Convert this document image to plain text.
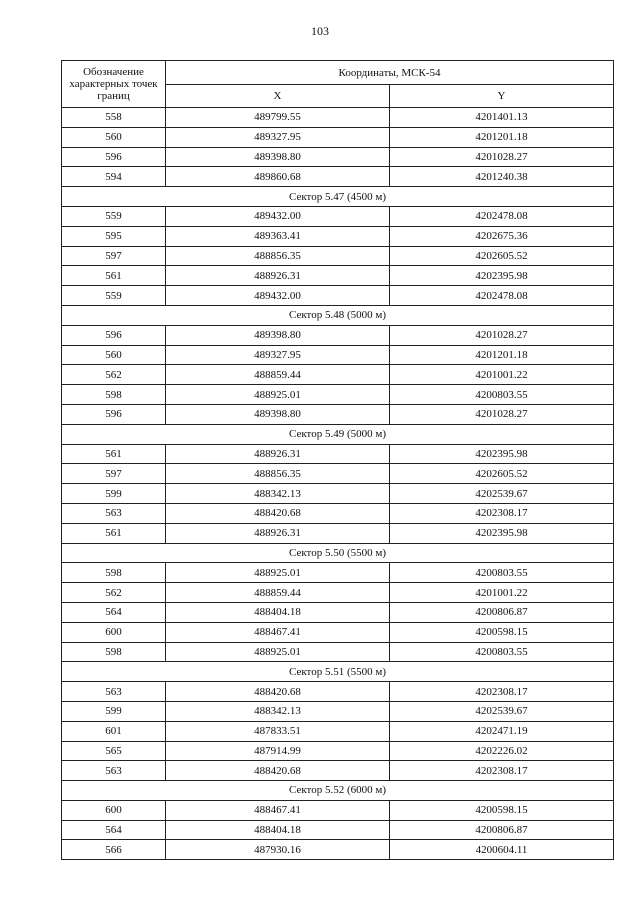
103
Обозначение характерных точек границ	Координаты, МСК-54	
	X	Y
558	489799.55	4201401.13
560	489327.95	4201201.18
596	489398.80	4201028.27
594	489860.68	4201240.38
Сектор 5.47 (4500 м)		
559	489432.00	4202478.08
595	489363.41	4202675.36
597	488856.35	4202605.52
561	488926.31	4202395.98
559	489432.00	4202478.08
Сектор 5.48 (5000 м)		
596	489398.80	4201028.27
560	489327.95	4201201.18
562	488859.44	4201001.22
598	488925.01	4200803.55
596	489398.80	4201028.27
Сектор 5.49 (5000 м)		
561	488926.31	4202395.98
597	488856.35	4202605.52
599	488342.13	4202539.67
563	488420.68	4202308.17
561	488926.31	4202395.98
Сектор 5.50 (5500 м)		
598	488925.01	4200803.55
562	488859.44	4201001.22
564	488404.18	4200806.87
600	488467.41	4200598.15
598	488925.01	4200803.55
Сектор 5.51 (5500 м)		
563	488420.68	4202308.17
599	488342.13	4202539.67
601	487833.51	4202471.19
565	487914.99	4202226.02
563	488420.68	4202308.17
Сектор 5.52 (6000 м)		
600	488467.41	4200598.15
564	488404.18	4200806.87
566	487930.16	4200604.11
